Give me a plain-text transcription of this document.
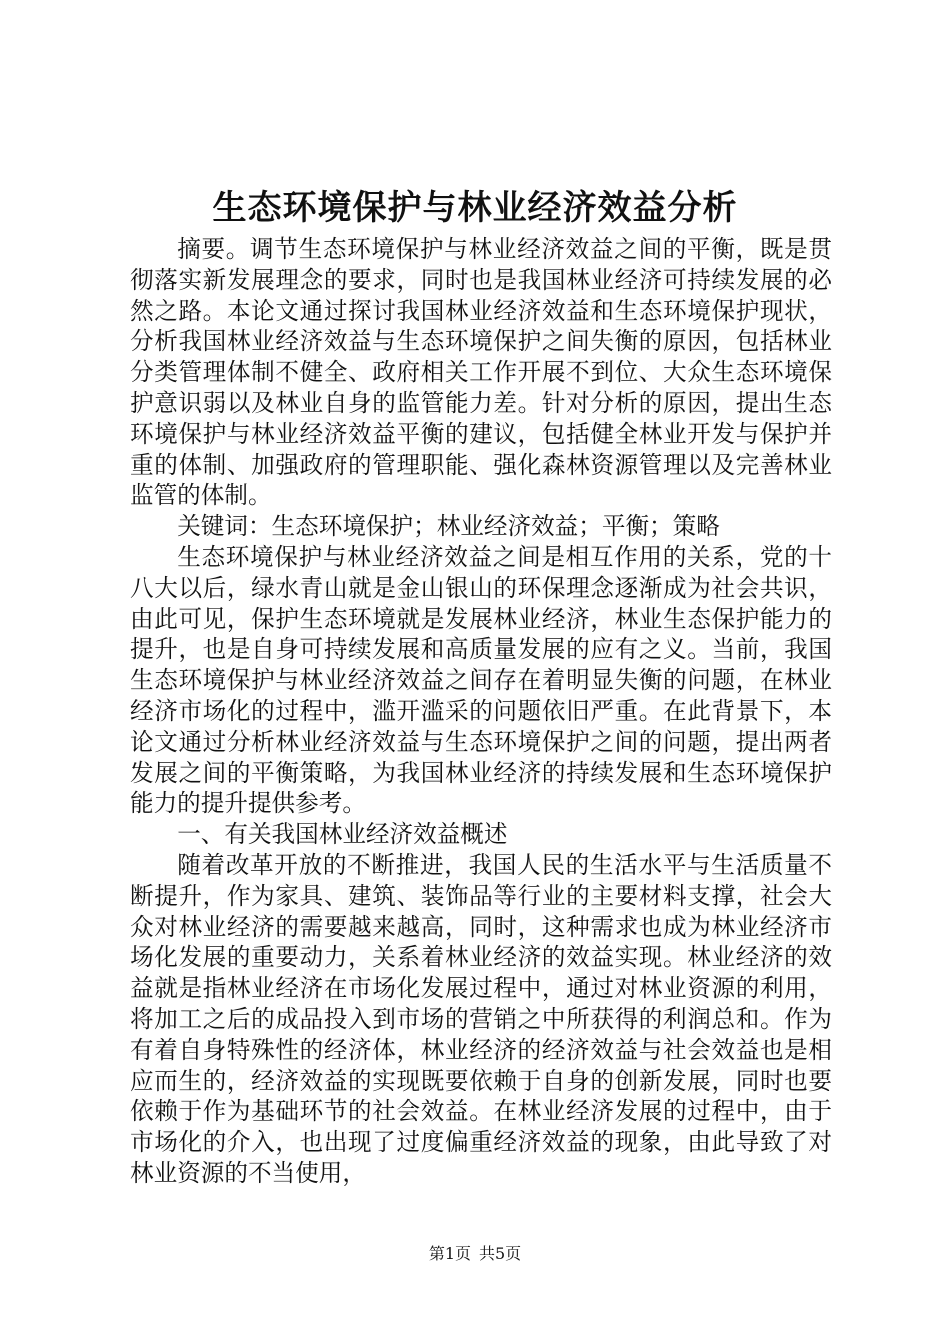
生态环境保护与林业经济效益分析

摘要。调节生态环境保护与林业经济效益之间的平衡，既是贯彻落实新发展理念的要求，同时也是我国林业经济可持续发展的必然之路。本论文通过探讨我国林业经济效益和生态环境保护现状，分析我国林业经济效益与生态环境保护之间失衡的原因，包括林业分类管理体制不健全、政府相关工作开展不到位、大众生态环境保护意识弱以及林业自身的监管能力差。针对分析的原因，提出生态环境保护与林业经济效益平衡的建议，包括健全林业开发与保护并重的体制、加强政府的管理职能、强化森林资源管理以及完善林业监管的体制。

关键词：生态环境保护；林业经济效益；平衡；策略

生态环境保护与林业经济效益之间是相互作用的关系，党的十八大以后，绿水青山就是金山银山的环保理念逐渐成为社会共识，由此可见，保护生态环境就是发展林业经济，林业生态保护能力的提升，也是自身可持续发展和高质量发展的应有之义。当前，我国生态环境保护与林业经济效益之间存在着明显失衡的问题，在林业经济市场化的过程中，滥开滥采的问题依旧严重。在此背景下，本论文通过分析林业经济效益与生态环境保护之间的问题，提出两者发展之间的平衡策略，为我国林业经济的持续发展和生态环境保护能力的提升提供参考。

一、有关我国林业经济效益概述

随着改革开放的不断推进，我国人民的生活水平与生活质量不断提升，作为家具、建筑、装饰品等行业的主要材料支撑，社会大众对林业经济的需要越来越高，同时，这种需求也成为林业经济市场化发展的重要动力，关系着林业经济的效益实现。林业经济的效益就是指林业经济在市场化发展过程中，通过对林业资源的利用，将加工之后的成品投入到市场的营销之中所获得的利润总和。作为有着自身特殊性的经济体，林业经济的经济效益与社会效益也是相应而生的，经济效益的实现既要依赖于自身的创新发展，同时也要依赖于作为基础环节的社会效益。在林业经济发展的过程中，由于市场化的介入，也出现了过度偏重经济效益的现象，由此导致了对林业资源的不当使用，

第1页 共5页
